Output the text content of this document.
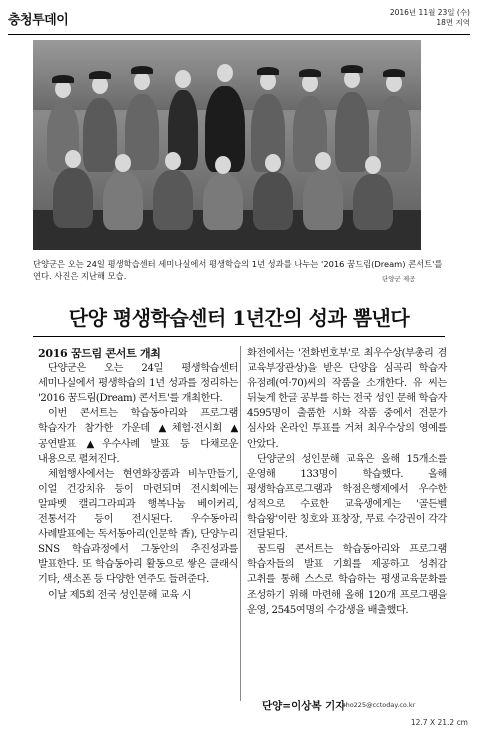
충청투데이
2016년 11월 23일 (수)
18면 지역
단양군은 오는 24일 평생학습센터 세미나실에서 평생학습의 1년 성과를 나누는 '2016 꿈드림(Dream) 콘서트'를 연다. 사진은 지난해 모습.	단양군 제공
단양 평생학습센터 1년간의 성과 뽐낸다

2016 꿈드림 콘서트 개최

단양군은 오는 24일 평생학습센터 세미나실에서 평생학습의 1년 성과를 정리하는 '2016 꿈드림(Dream) 콘서트'를 개최한다.

이번 콘서트는 학습동아리와 프로그램 학습자가 참가한 가운데 ▲체험·전시회 ▲공연발표 ▲우수사례 발표 등 다채로운 내용으로 펼쳐진다.

체험행사에서는 현연화장품과 비누만들기, 이얼 건강치유 등이 마련되며 전시회에는 알파벳 캘리그라피과 행복나눔 베이커리, 전통서각 등이 전시된다. 우수동아리 사례발표에는 독서동아리(인문학 香), 단양누리 SNS 학습과정에서 그동안의 추진성과를 발표한다. 또 학습동아리 활동으로 쌓은 클래식 기타, 색소폰 등 다양한 연주도 들려준다.

이날 제5회 전국 성인문해 교육 시

화전에서는 '전화번호부'로 최우수상(부총리 겸 교육부장관상)을 받은 단양읍 심곡리 학습자 유점례(여·70)씨의 작품을 소개한다. 유 씨는 뒤늦게 한글 공부를 하는 전국 성인 문해 학습자 4595명이 출품한 시화 작품 중에서 전문가 심사와 온라인 투표를 거쳐 최우수상의 영예를 안았다.

단양군의 성인문해 교육은 올해 15개소를 운영해 133명이 학습했다. 올해 평생학습프로그램과 학점은행제에서 우수한 성적으로 수료한 교육생에게는 '골든벨 학습왕'이란 칭호와 표창장, 무료 수강권이 각각 전달된다.

꿈드림 콘서트는 학습동아리와 프로그램 학습자들의 발표 기회를 제공하고 성취감 고취를 통해 스스로 학습하는 평생교육문화를 조성하기 위해 마련해 올해 120개 프로그램을 운영, 2545여명의 수강생을 배출했다.

단양=이상복 기자
cho225@cctoday.co.kr
12.7 X 21.2 cm
